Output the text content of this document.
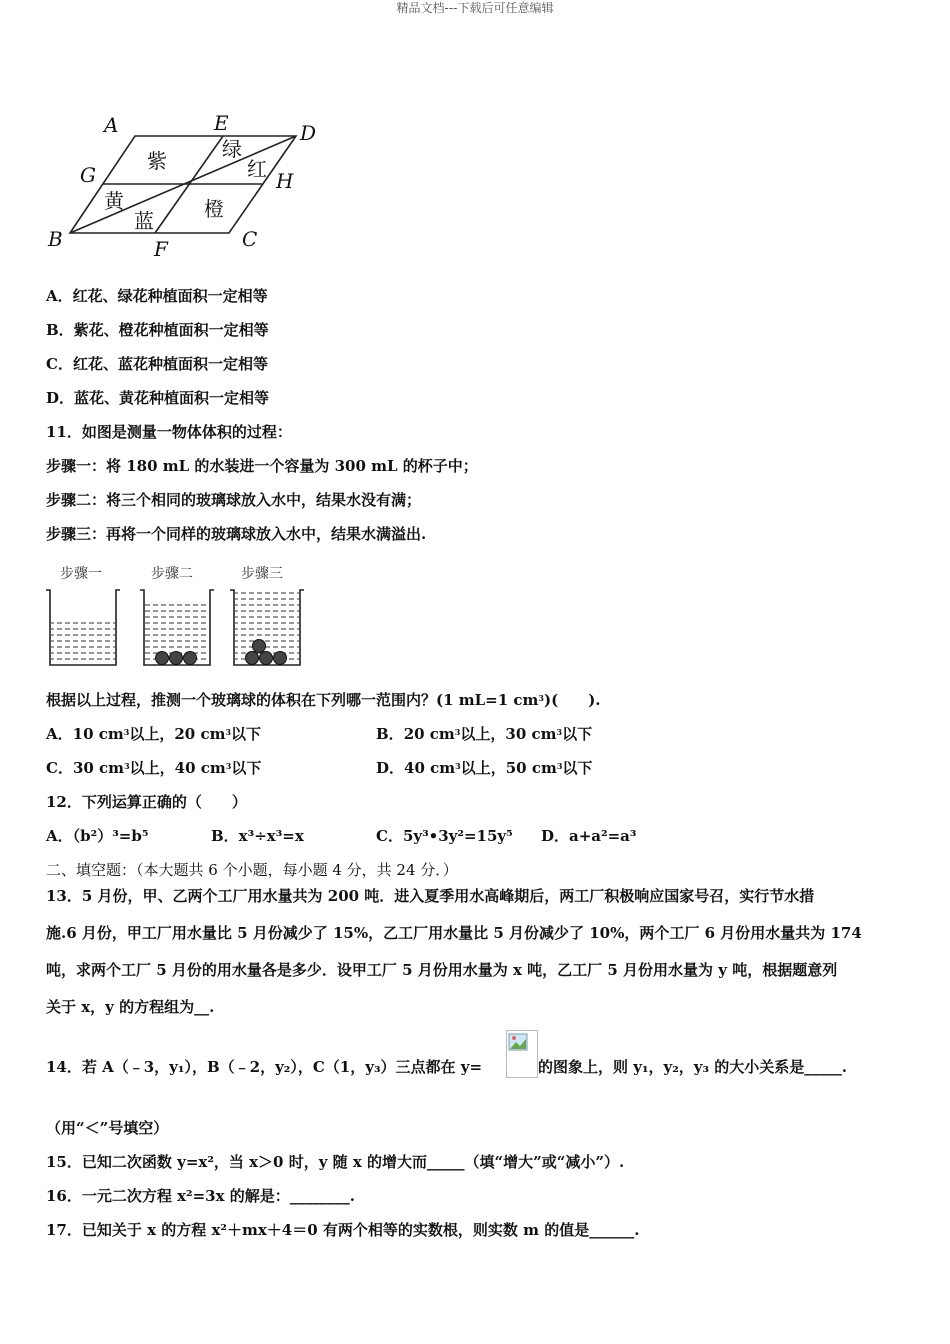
精品文档---下载后可任意编辑
A	E	D
G	H
B	F	C
紫	绿
红
黄
蓝	橙
A．红花、绿花种植面积一定相等
B．紫花、橙花种植面积一定相等
C．红花、蓝花种植面积一定相等
D．蓝花、黄花种植面积一定相等
11．如图是测量一物体体积的过程：
步骤一：将 180 mL 的水装进一个容量为 300 mL 的杯子中；
步骤二：将三个相同的玻璃球放入水中，结果水没有满；
步骤三：再将一个同样的玻璃球放入水中，结果水满溢出.
步骤一	步骤二	步骤三
根据以上过程，推测一个玻璃球的体积在下列哪一范围内？(1 mL=1 $cm^3$)(　　).
A．10 $cm^3$以上，20 $cm^3$以下	B．20 $cm^3$以上，30 $cm^3$以下
C．30 $cm^3$以上，40 $cm^3$以下	D．40 $cm^3$以上，50 $cm^3$以下
12．下列运算正确的（　　）
A．（b²）³=b⁵	B．x³÷x³=x	C．5y³•3y²=15y⁵ D．a+a²=a³
二、填空题：（本大题共 6 个小题，每小题 4 分，共 24 分．）
13．5 月份，甲、乙两个工厂用水量共为 200 吨．进入夏季用水高峰期后，两工厂积极响应国家号召，实行节水措
施.6 月份，甲工厂用水量比 5 月份减少了 15%，乙工厂用水量比 5 月份减少了 10%，两个工厂 6 月份用水量共为 174
吨，求两个工厂 5 月份的用水量各是多少．设甲工厂 5 月份用水量为 x 吨，乙工厂 5 月份用水量为 y 吨，根据题意列
关于 x，y 的方程组为__.
14．若 A（﹣3，y₁），B（﹣2，y₂），C（1，y₃）三点都在 y=	的图象上，则 y₁，y₂，y₃ 的大小关系是_____.
（用“＜”号填空）
15．已知二次函数 y=x²，当 x＞0 时，y 随 x 的增大而_____（填“增大”或“减小”）.
16．一元二次方程 x²=3x 的解是：________.
17．已知关于 x 的方程 x²＋mx＋4＝0 有两个相等的实数根，则实数 m 的值是______.
